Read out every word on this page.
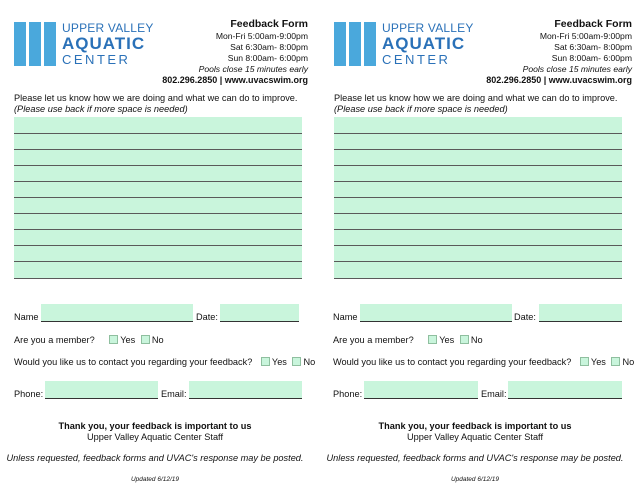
UPPER VALLEY
AQUATIC
CENTER
Feedback Form
Mon-Fri 5:00am-9:00pm
Sat 6:30am- 8:00pm
Sun 8:00am- 6:00pm
Pools close 15 minutes early
802.296.2850 | www.uvacswim.org
Please let us know how we are doing and what we can do to improve.
(Please use back if more space is needed)
Name	Date:
Are you a member?	Yes No
Would you like us to contact you regarding your feedback? Yes No
Phone:	Email:
Thank you, your feedback is important to us
Upper Valley Aquatic Center Staff
Unless requested, feedback forms and UVAC's response may be posted.
Updated 6/12/19
UPPER VALLEY
AQUATIC
CENTER
Feedback Form
Mon-Fri 5:00am-9:00pm
Sat 6:30am- 8:00pm
Sun 8:00am- 6:00pm
Pools close 15 minutes early
802.296.2850 | www.uvacswim.org
Please let us know how we are doing and what we can do to improve.
(Please use back if more space is needed)
Name	Date:
Are you a member?	Yes No
Would you like us to contact you regarding your feedback? Yes No
Phone:	Email:
Thank you, your feedback is important to us
Upper Valley Aquatic Center Staff
Unless requested, feedback forms and UVAC's response may be posted.
Updated 6/12/19
